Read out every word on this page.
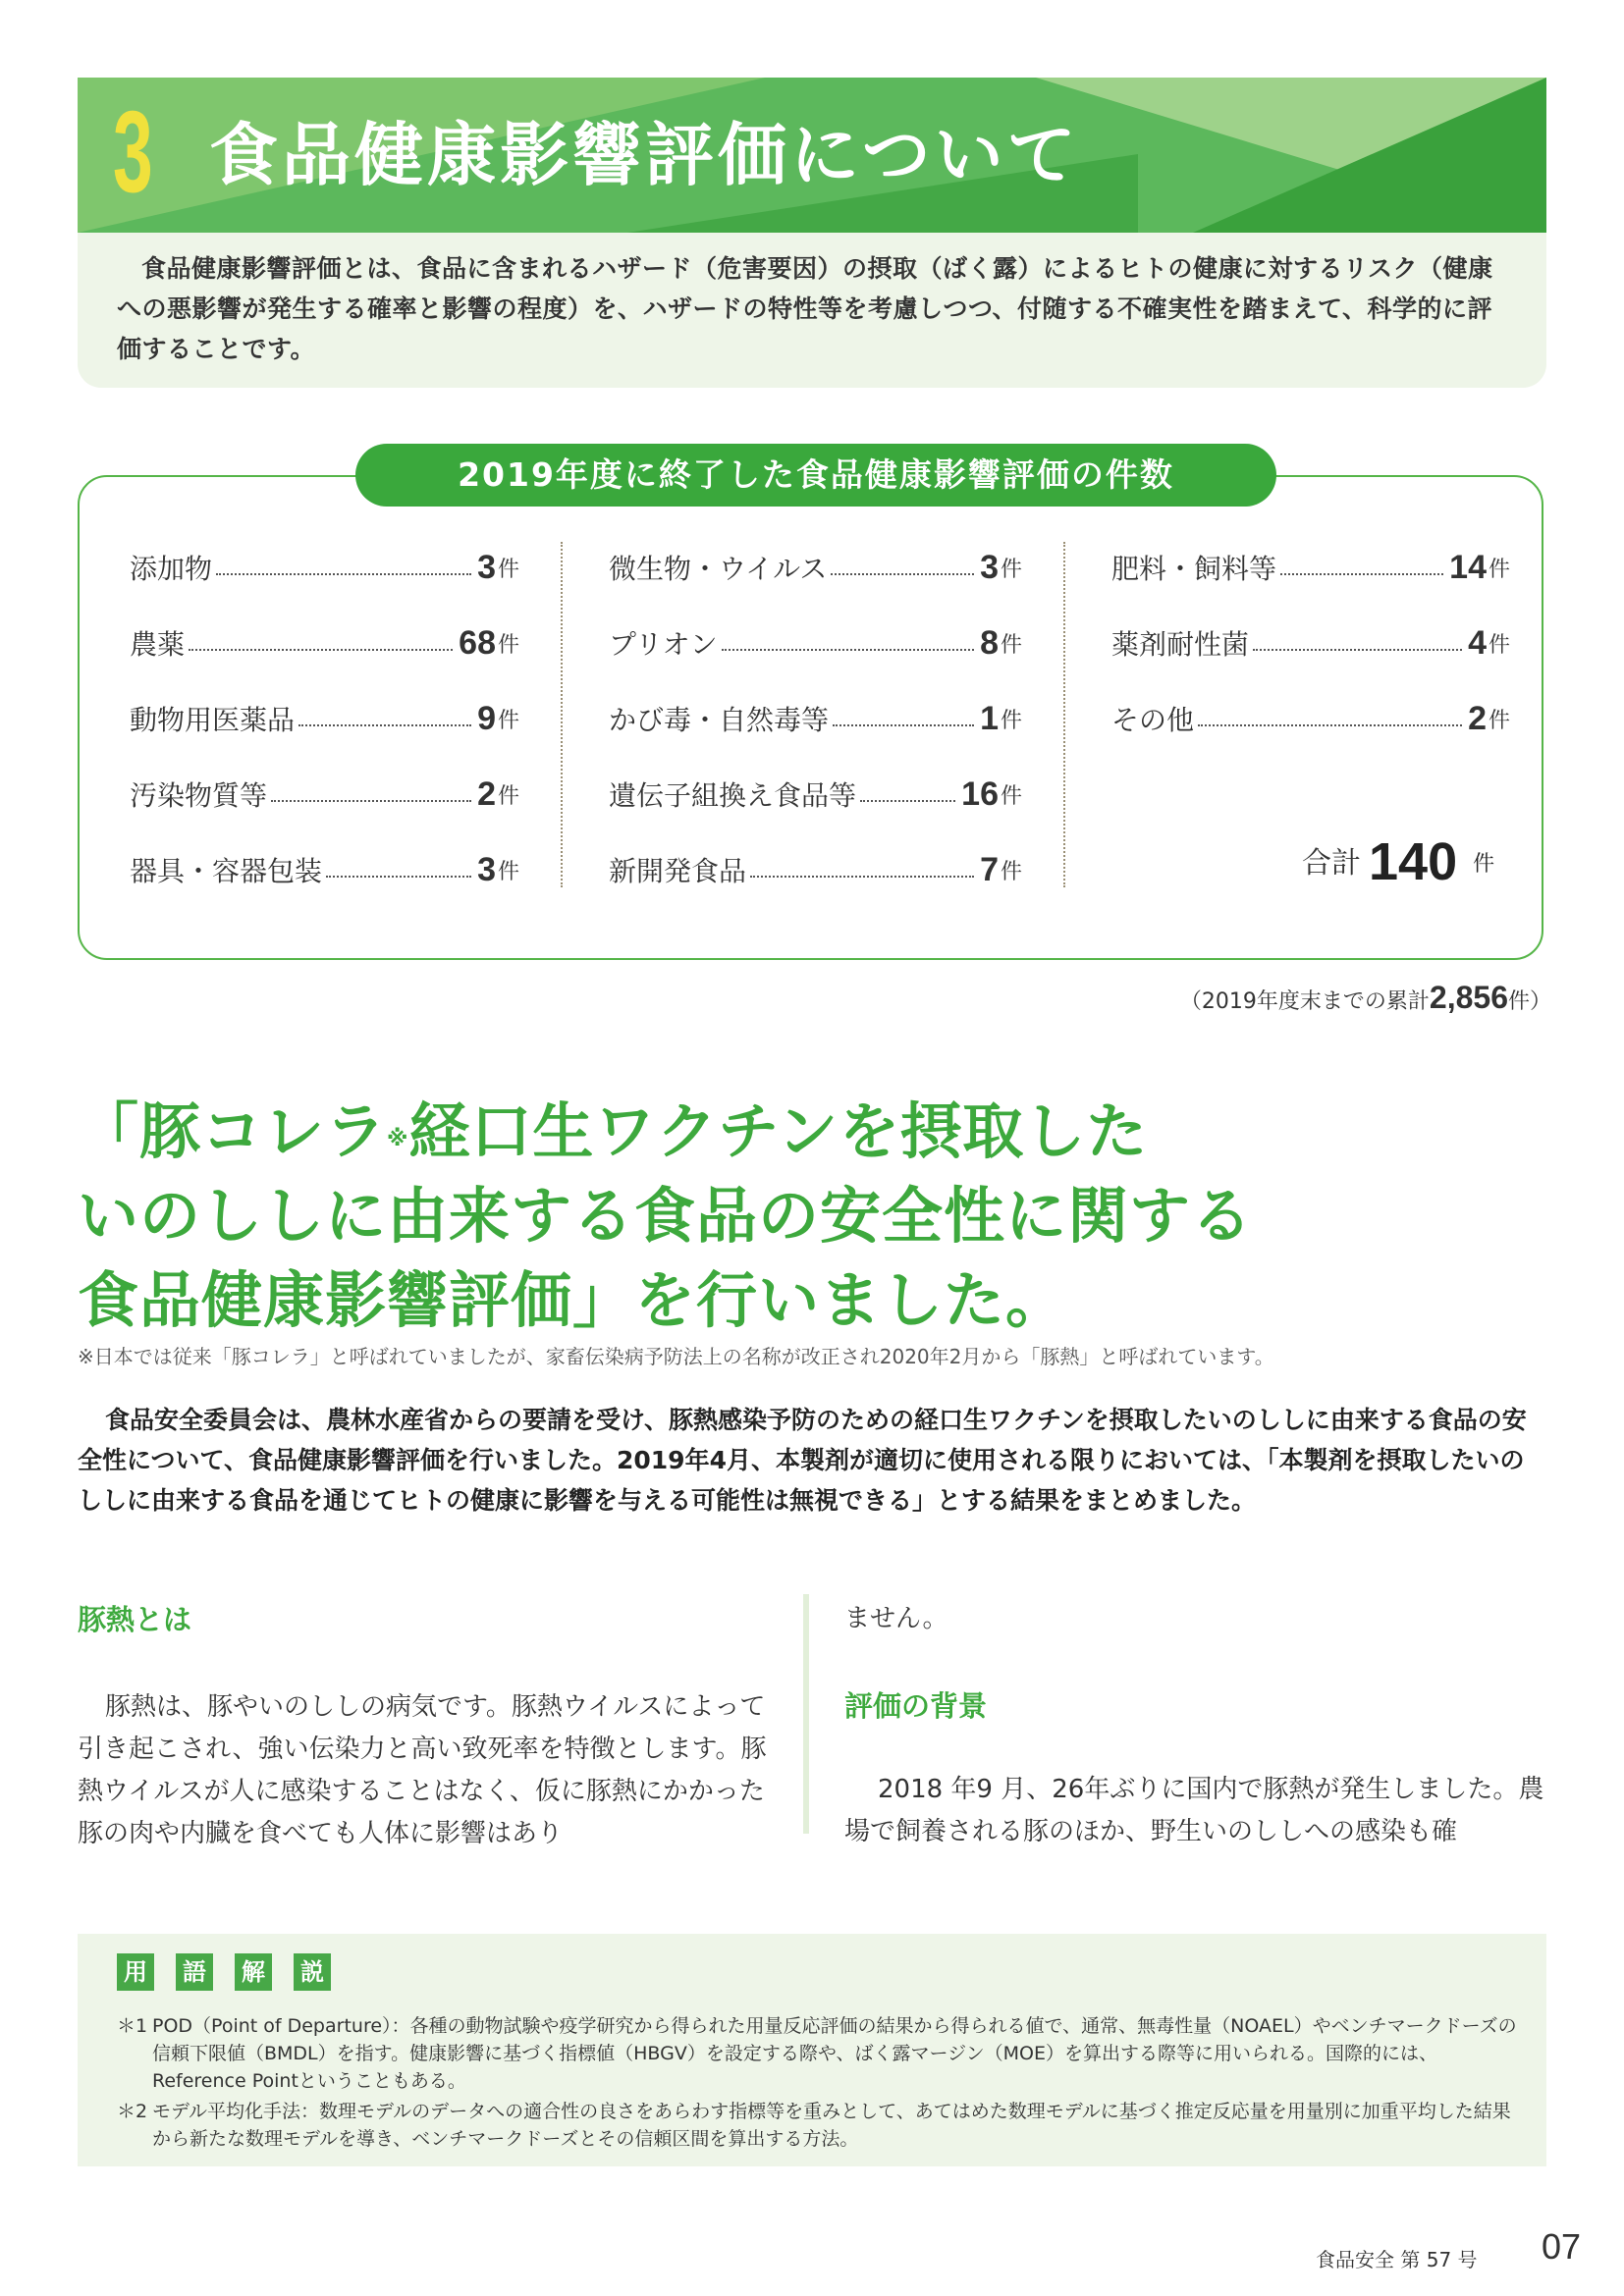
3 食品健康影響評価について
食品健康影響評価とは、食品に含まれるハザード（危害要因）の摂取（ばく露）によるヒトの健康に対するリスク（健康への悪影響が発生する確率と影響の程度）を、ハザードの特性等を考慮しつつ、付随する不確実性を踏まえて、科学的に評価することです。
2019年度に終了した食品健康影響評価の件数
添加物	3 件
農薬	68 件
動物用医薬品	9 件
汚染物質等	2 件
器具・容器包装	3 件
微生物・ウイルス	3 件
プリオン	8 件
かび毒・自然毒等	1 件
遺伝子組換え食品等	16 件
新開発食品	7 件
肥料・飼料等	14 件
薬剤耐性菌	4 件
その他	2 件
合計 140 件
（2019年度末までの累計2,856件）
「豚コレラ※経口生ワクチンを摂取した
いのししに由来する食品の安全性に関する
食品健康影響評価」を行いました。
※日本では従来「豚コレラ」と呼ばれていましたが、家畜伝染病予防法上の名称が改正され2020年2月から「豚熱」と呼ばれています。
食品安全委員会は、農林水産省からの要請を受け、豚熱感染予防のための経口生ワクチンを摂取したいのししに由来する食品の安全性について、食品健康影響評価を行いました。2019年4月、本製剤が適切に使用される限りにおいては、「本製剤を摂取したいのししに由来する食品を通じてヒトの健康に影響を与える可能性は無視できる」とする結果をまとめました。
豚熱とは
豚熱は、豚やいのししの病気です。豚熱ウイルスによって引き起こされ、強い伝染力と高い致死率を特徴とします。豚熱ウイルスが人に感染することはなく、仮に豚熱にかかった豚の肉や内臓を食べても人体に影響はあり
ません。
評価の背景
2018 年9 月、26年ぶりに国内で豚熱が発生しました。農場で飼養される豚のほか、野生いのししへの感染も確
用 語 解 説
＊1 POD（Point of Departure）：各種の動物試験や疫学研究から得られた用量反応評価の結果から得られる値で、通常、無毒性量（NOAEL）やベンチマークドーズの信頼下限値（BMDL）を指す。健康影響に基づく指標値（HBGV）を設定する際や、ばく露マージン（MOE）を算出する際等に用いられる。国際的には、Reference Pointということもある。
＊2 モデル平均化手法：数理モデルのデータへの適合性の良さをあらわす指標等を重みとして、あてはめた数理モデルに基づく推定反応量を用量別に加重平均した結果から新たな数理モデルを導き、ベンチマークドーズとその信頼区間を算出する方法。
食品安全 第 57 号 07
